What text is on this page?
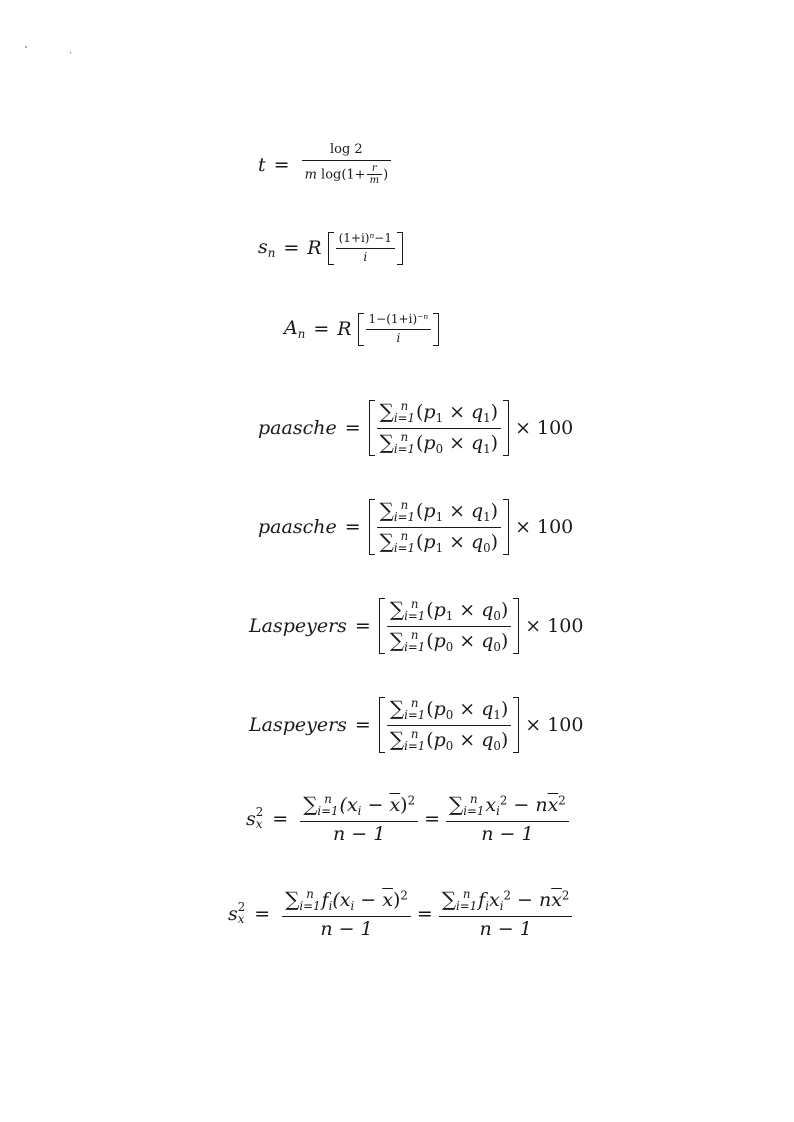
$t = \frac{\log 2}{m \log(1+ \frac{r}{m} )}$
$s_n = R \frac{(1+i)^n-1}{i}$
$A_n = R \frac{1-(1+i)^{-n}}{i}$
paasche = ∑ n
i=1 $(p_1 \times q_1)$
∑ n
i=1 $(p_0 \times q_1) \times 100$
paasche = ∑ n
i=1 $(p_1 \times q_1)$
∑ n
i=1 $(p_1 \times q_0) \times 100$
Laspeyers = ∑ n
i=1 $(p_1 \times q_0)$
∑ n
i=1 $(p_0 \times q_0) \times 100$
Laspeyers = ∑ n
i=1 $(p_0 \times q_1)$
∑ n
i=1 $(p_0 \times q_0) \times 100$
s 2
x = ∑ n
i=1 $(x_i - \overline{x})^2$
n − 1 = ∑ n
i=1 $x_i^2 - n\overline{x}^2$
n − 1
s 2
x = ∑ n
i=1 $f_i(x_i - \overline{x})^2$
n − 1 = ∑ n
i=1 $f_ix_i^2 - n\overline{x}^2$
n − 1
